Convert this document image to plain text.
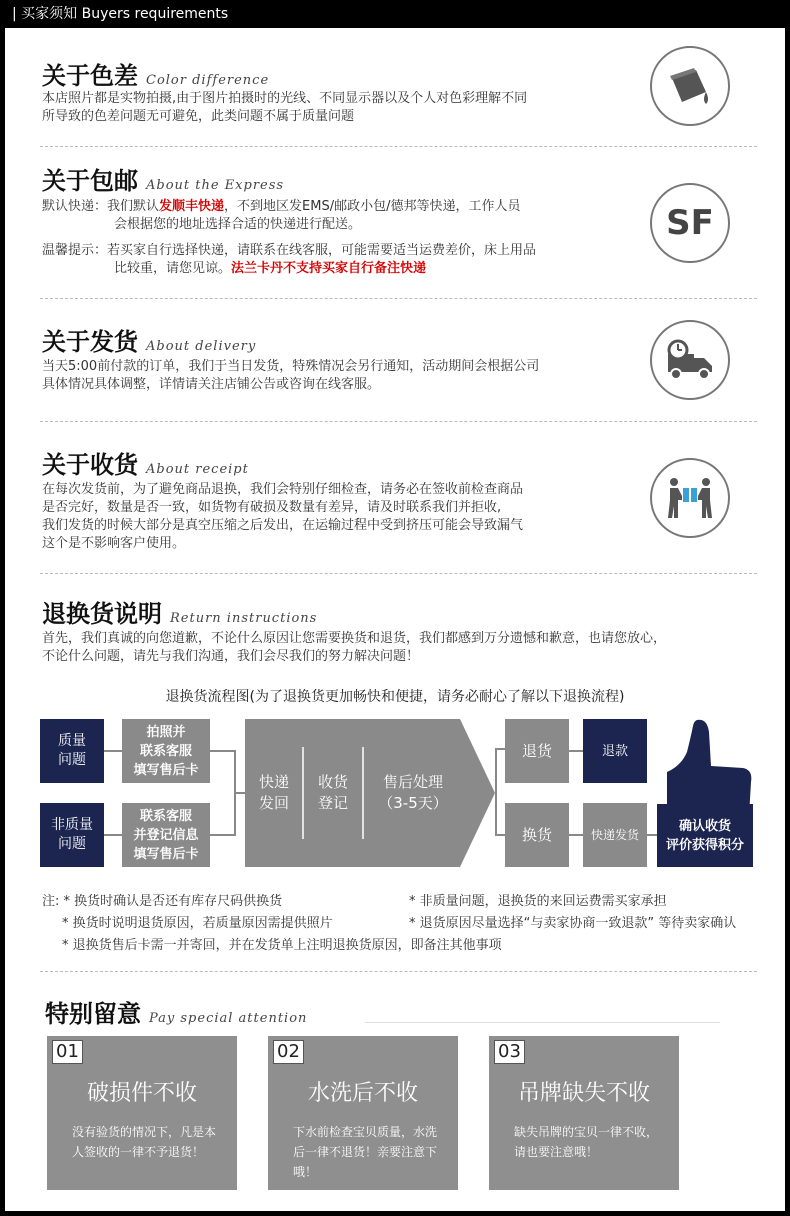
| 买家须知 Buyers requirements
关于色差 Color difference
本店照片都是实物拍摄,由于图片拍摄时的光线、不同显示器以及个人对色彩理解不同
所导致的色差问题无可避免，此类问题不属于质量问题
关于包邮 About the Express
默认快递：我们默认发顺丰快递，不到地区发EMS/邮政小包/德邦等快递，工作人员
会根据您的地址选择合适的快递进行配送。
温馨提示：若买家自行选择快递，请联系在线客服，可能需要适当运费差价，床上用品
比较重，请您见谅。法兰卡丹不支持买家自行备注快递
SF
关于发货 About delivery
当天5:00前付款的订单，我们于当日发货，特殊情况会另行通知，活动期间会根据公司
具体情况具体调整，详情请关注店铺公告或咨询在线客服。
关于收货 About receipt
在每次发货前，为了避免商品退换，我们会特别仔细检查，请务必在签收前检查商品
是否完好，数量是否一致，如货物有破损及数量有差异，请及时联系我们并拒收,
我们发货的时候大部分是真空压缩之后发出，在运输过程中受到挤压可能会导致漏气
这个是不影响客户使用。
退换货说明 Return instructions
首先，我们真诚的向您道歉，不论什么原因让您需要换货和退货，我们都感到万分遗憾和歉意，也请您放心，
不论什么问题，请先与我们沟通，我们会尽我们的努力解决问题！
退换货流程图(为了退换货更加畅快和便捷，请务必耐心了解以下退换流程)
质量
问题
非质量
问题
拍照并
联系客服
填写售后卡
联系客服
并登记信息
填写售后卡
快递
发回
收货
登记
售后处理
（3-5天）
退货	退款
换货	快递发货
确认收货
评价获得积分
注: * 换货时确认是否还有库存尺码供换货	* 非质量问题，退换货的来回运费需买家承担
* 换货时说明退货原因，若质量原因需提供照片	* 退货原因尽量选择“与卖家协商一致退款” 等待卖家确认
* 退换货售后卡需一并寄回，并在发货单上注明退换货原因，即备注其他事项
特别留意 Pay special attention
01
破损件不收
没有验货的情况下，凡是本人签收的一律不予退货！
02
水洗后不收
下水前检查宝贝质量，水洗后一律不退货！亲要注意下哦！
03
吊牌缺失不收
缺失吊牌的宝贝一律不收，请也要注意哦！
